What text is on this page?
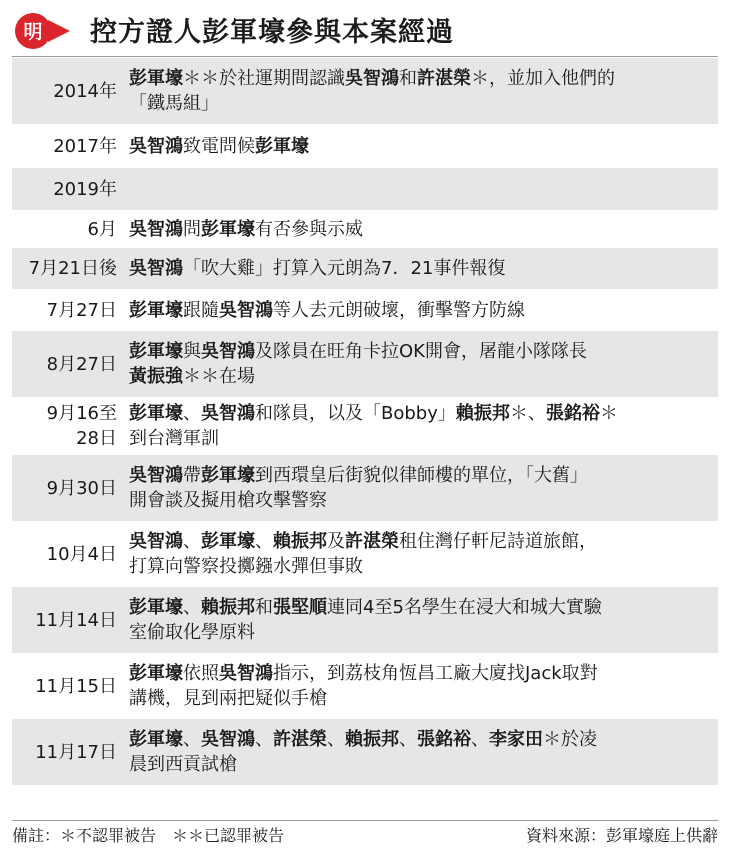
明 控方證人彭軍壕參與本案經過
2014年
彭軍壕＊＊於社運期間認識吳智鴻和許湛榮＊，並加入他們的
「鐵馬組」
2017年 吳智鴻致電問候彭軍壕
2019年
6月 吳智鴻問彭軍壕有否參與示威
7月21日後 吳智鴻「吹大雞」打算入元朗為7．21事件報復
7月27日 彭軍壕跟隨吳智鴻等人去元朗破壞，衝擊警方防線
8月27日
彭軍壕與吳智鴻及隊員在旺角卡拉OK開會，屠龍小隊隊長
黃振強＊＊在場
9月16至
28日
彭軍壕、吳智鴻和隊員，以及「Bobby」賴振邦＊、張銘裕＊
到台灣軍訓
9月30日
吳智鴻帶彭軍壕到西環皇后街貌似律師樓的單位，「大舊」
開會談及擬用槍攻擊警察
10月4日
吳智鴻、彭軍壕、賴振邦及許湛榮租住灣仔軒尼詩道旅館，
打算向警察投擲鏹水彈但事敗
11月14日
彭軍壕、賴振邦和張堅順連同4至5名學生在浸大和城大實驗
室偷取化學原料
11月15日
彭軍壕依照吳智鴻指示，到荔枝角恆昌工廠大廈找Jack取對
講機，見到兩把疑似手槍
11月17日
彭軍壕、吳智鴻、許湛榮、賴振邦、張銘裕、李家田＊於凌
晨到西貢試槍
備註：＊不認罪被告　＊＊已認罪被告	資料來源：彭軍壕庭上供辭
